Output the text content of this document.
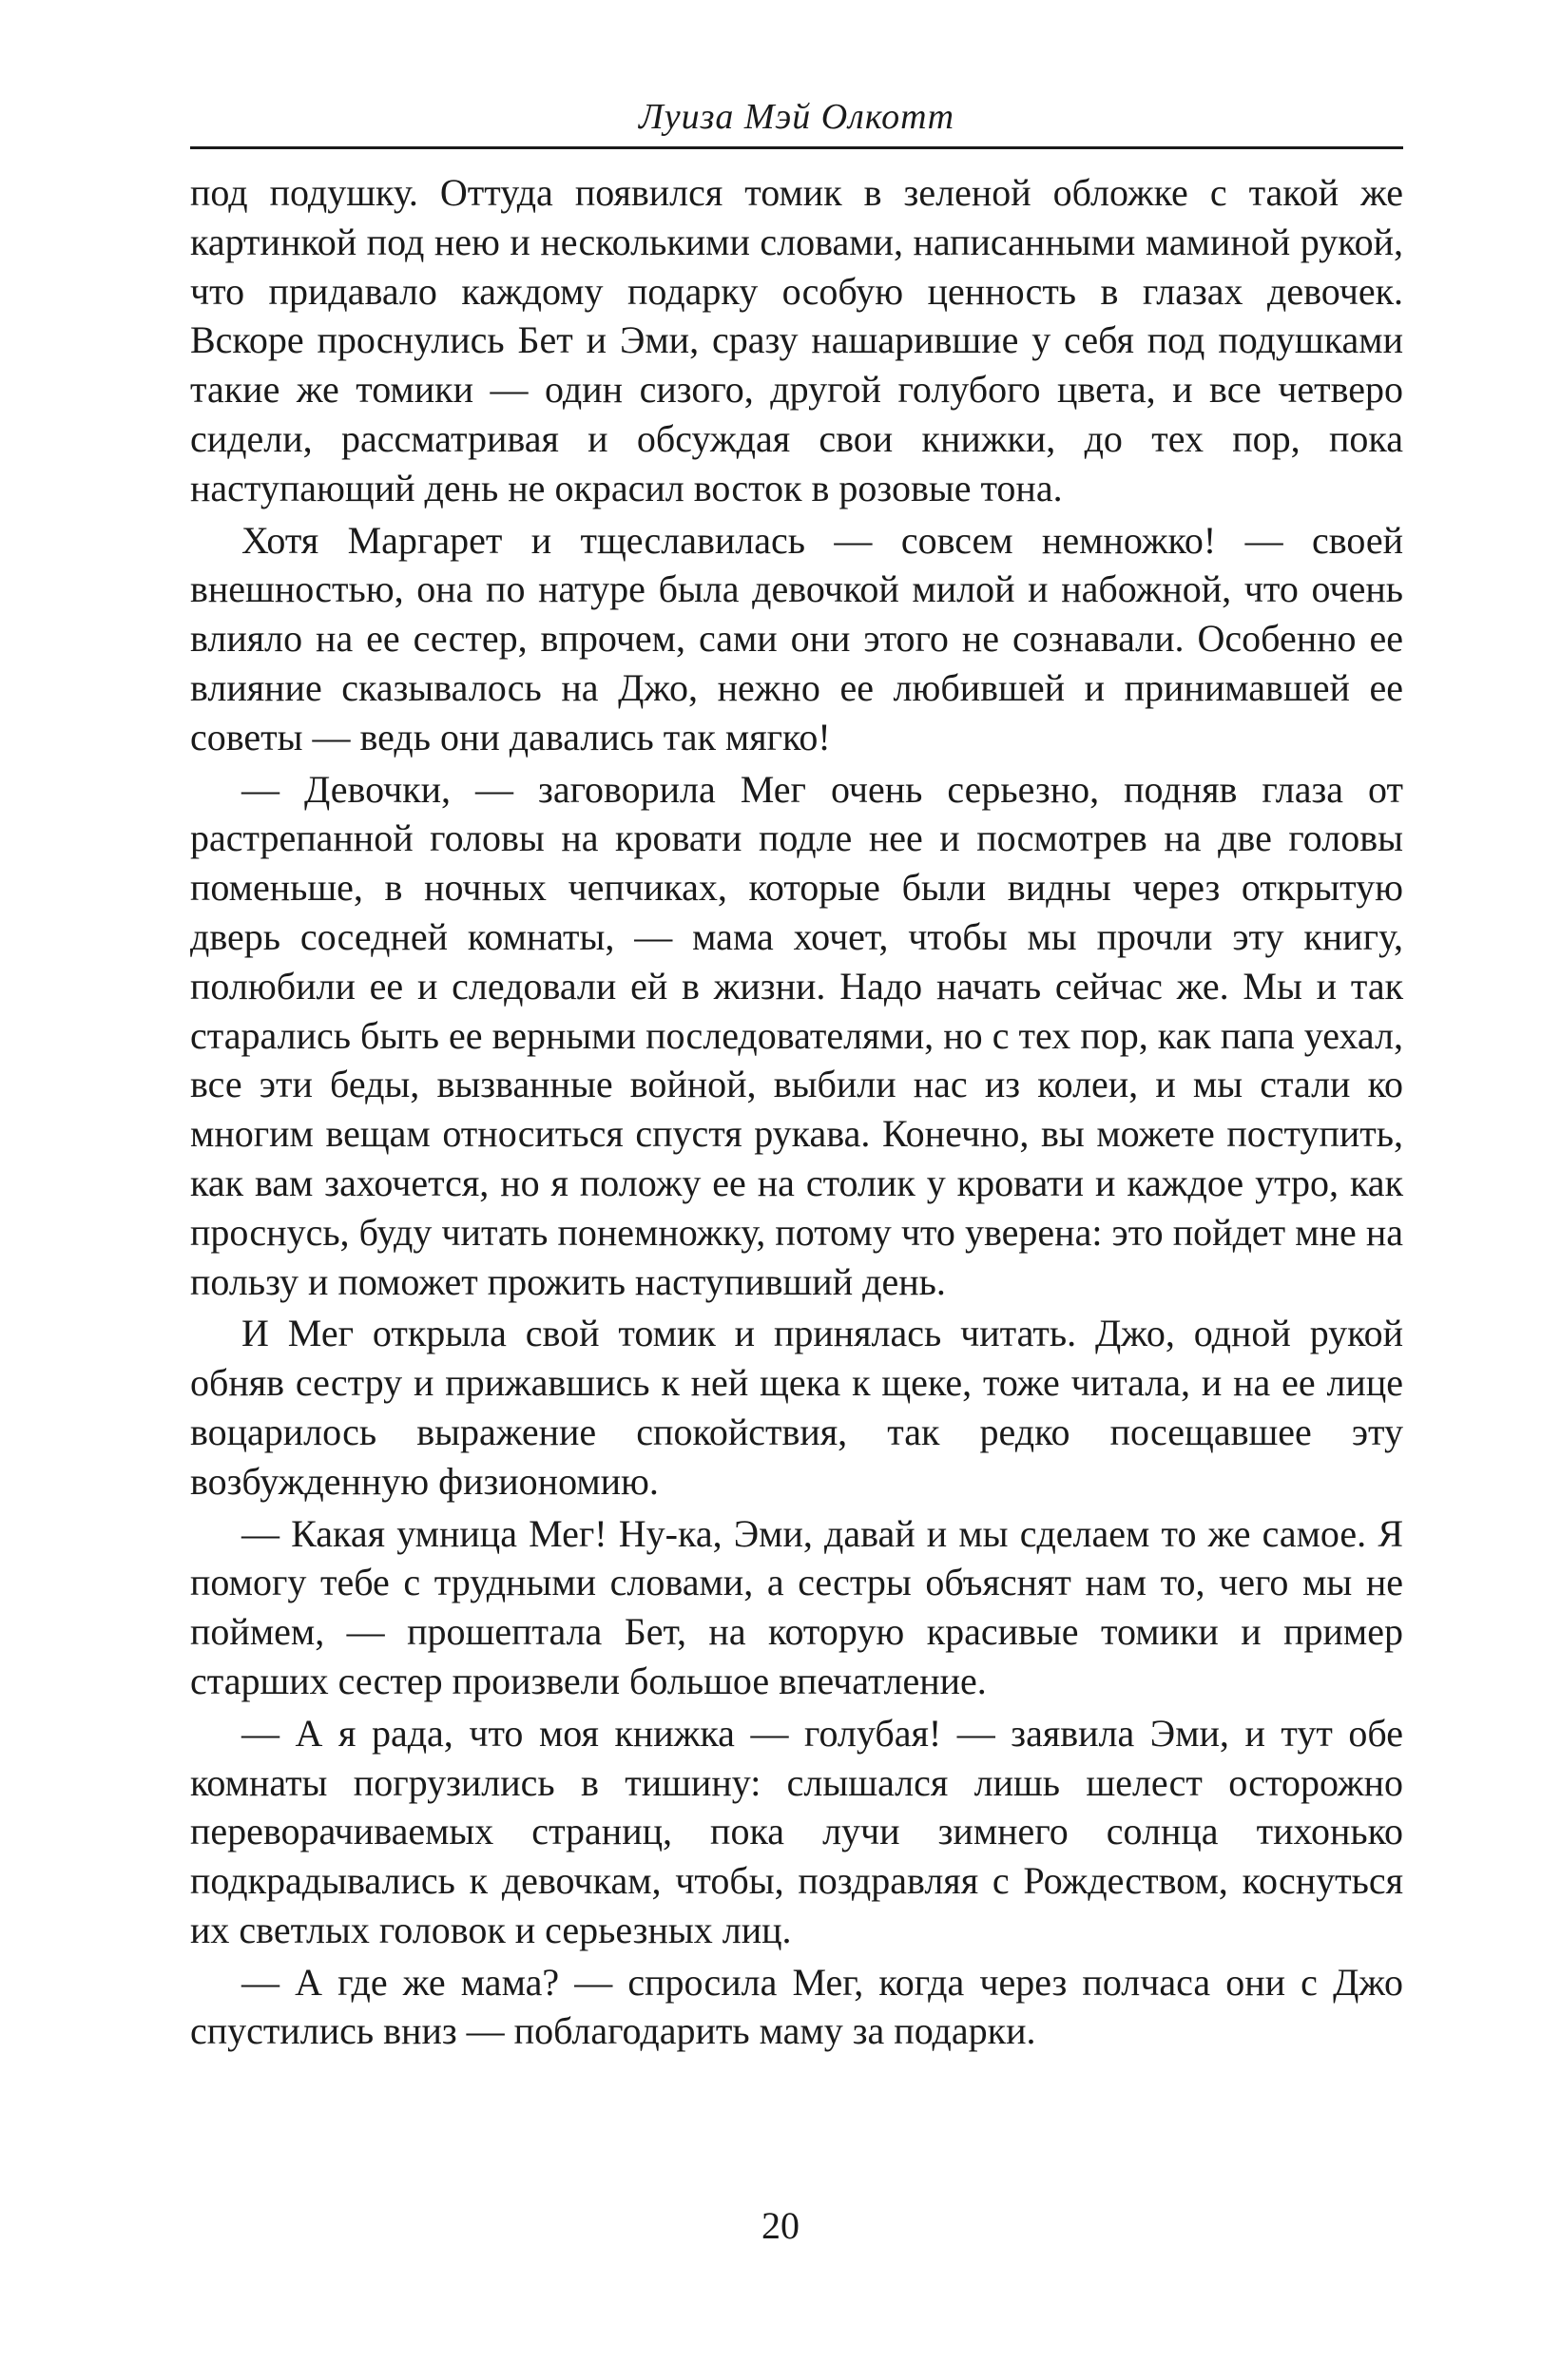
Луиза Мэй Олкотт

под подушку. Оттуда появился томик в зеленой обложке с такой же картинкой под нею и несколькими словами, написанными маминой рукой, что придавало каждому подарку особую ценность в глазах девочек. Вскоре проснулись Бет и Эми, сразу нашарившие у себя под подушками такие же томики — один сизого, другой голубого цвета, и все четверо сидели, рассматривая и обсуждая свои книжки, до тех пор, пока наступающий день не окрасил восток в розовые тона.

Хотя Маргарет и тщеславилась — совсем немножко! — своей внешностью, она по натуре была девочкой милой и набожной, что очень влияло на ее сестер, впрочем, сами они этого не сознавали. Особенно ее влияние сказывалось на Джо, нежно ее любившей и принимавшей ее советы — ведь они давались так мягко!

— Девочки, — заговорила Мег очень серьезно, подняв глаза от растрепанной головы на кровати подле нее и посмотрев на две головы поменьше, в ночных чепчиках, которые были видны через открытую дверь соседней комнаты, — мама хочет, чтобы мы прочли эту книгу, полюбили ее и следовали ей в жизни. Надо начать сейчас же. Мы и так старались быть ее верными последователями, но с тех пор, как папа уехал, все эти беды, вызванные войной, выбили нас из колеи, и мы стали ко многим вещам относиться спустя рукава. Конечно, вы можете поступить, как вам захочется, но я положу ее на столик у кровати и каждое утро, как проснусь, буду читать понемножку, потому что уверена: это пойдет мне на пользу и поможет прожить наступивший день.

И Мег открыла свой томик и принялась читать. Джо, одной рукой обняв сестру и прижавшись к ней щека к щеке, тоже читала, и на ее лице воцарилось выражение спокойствия, так редко посещавшее эту возбужденную физиономию.

— Какая умница Мег! Ну-ка, Эми, давай и мы сделаем то же самое. Я помогу тебе с трудными словами, а сестры объяснят нам то, чего мы не поймем, — прошептала Бет, на которую красивые томики и пример старших сестер произвели большое впечатление.

— А я рада, что моя книжка — голубая! — заявила Эми, и тут обе комнаты погрузились в тишину: слышался лишь шелест осторожно переворачиваемых страниц, пока лучи зимнего солнца тихонько подкрадывались к девочкам, чтобы, поздравляя с Рождеством, коснуться их светлых головок и серьезных лиц.

— А где же мама? — спросила Мег, когда через полчаса они с Джо спустились вниз — поблагодарить маму за подарки.

20
